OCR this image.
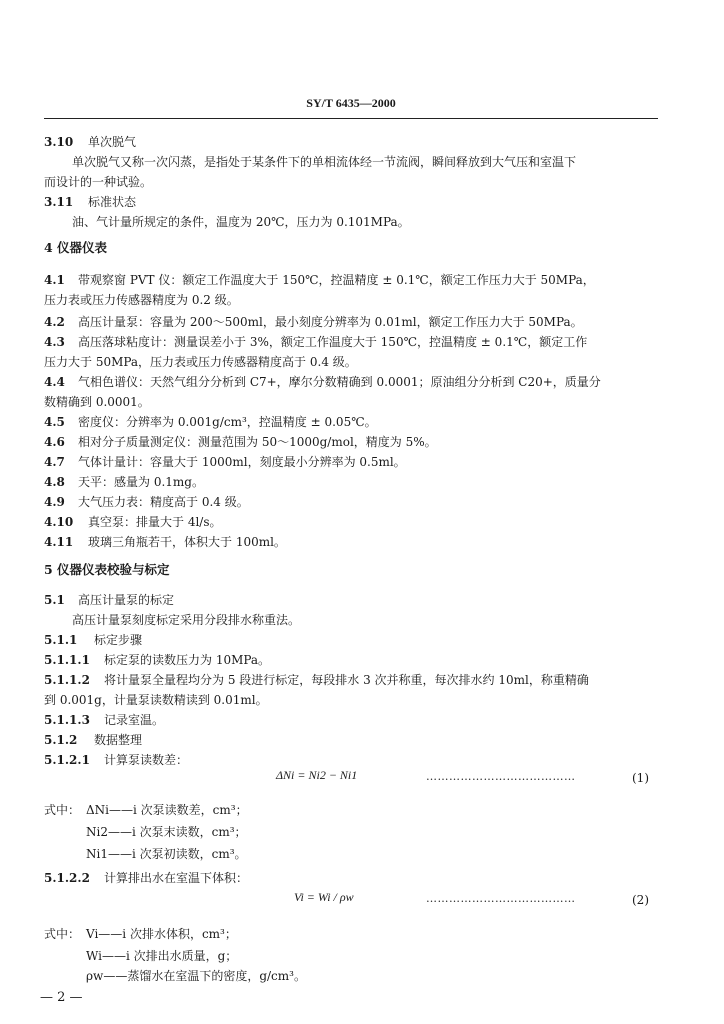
SY/T 6435—2000
3.10 单次脱气
单次脱气又称一次闪蒸，是指处于某条件下的单相流体经一节流阀，瞬间释放到大气压和室温下
而设计的一种试验。
3.11 标准状态
油、气计量所规定的条件，温度为 20℃，压力为 0.101MPa。
4 仪器仪表
4.1 带观察窗 PVT 仪：额定工作温度大于 150℃，控温精度 ± 0.1℃，额定工作压力大于 50MPa，
压力表或压力传感器精度为 0.2 级。
4.2 高压计量泵：容量为 200～500ml，最小刻度分辨率为 0.01ml，额定工作压力大于 50MPa。
4.3 高压落球粘度计：测量误差小于 3%，额定工作温度大于 150℃，控温精度 ± 0.1℃，额定工作
压力大于 50MPa，压力表或压力传感器精度高于 0.4 级。
4.4 气相色谱仪：天然气组分分析到 C7+，摩尔分数精确到 0.0001；原油组分分析到 C20+，质量分
数精确到 0.0001。
4.5 密度仪：分辨率为 0.001g/cm³，控温精度 ± 0.05℃。
4.6 相对分子质量测定仪：测量范围为 50～1000g/mol，精度为 5%。
4.7 气体计量计：容量大于 1000ml，刻度最小分辨率为 0.5ml。
4.8 天平：感量为 0.1mg。
4.9 大气压力表：精度高于 0.4 级。
4.10 真空泵：排量大于 4l/s。
4.11 玻璃三角瓶若干，体积大于 100ml。
5 仪器仪表校验与标定
5.1 高压计量泵的标定
高压计量泵刻度标定采用分段排水称重法。
5.1.1 标定步骤
5.1.1.1 标定泵的读数压力为 10MPa。
5.1.1.2 将计量泵全量程均分为 5 段进行标定，每段排水 3 次并称重，每次排水约 10ml，称重精确
到 0.001g，计量泵读数精读到 0.01ml。
5.1.1.3 记录室温。
5.1.2 数据整理
5.1.2.1 计算泵读数差：
ΔNi = Ni2 − Ni1	…………………………………	(1)
式中： ΔNi——i 次泵读数差，cm³；
Ni2——i 次泵末读数，cm³；
Ni1——i 次泵初读数，cm³。
5.1.2.2 计算排出水在室温下体积：
Vi = Wi / ρw	…………………………………	(2)
式中： Vi——i 次排水体积，cm³；
Wi——i 次排出水质量，g；
ρw——蒸馏水在室温下的密度，g/cm³。
— 2 —
